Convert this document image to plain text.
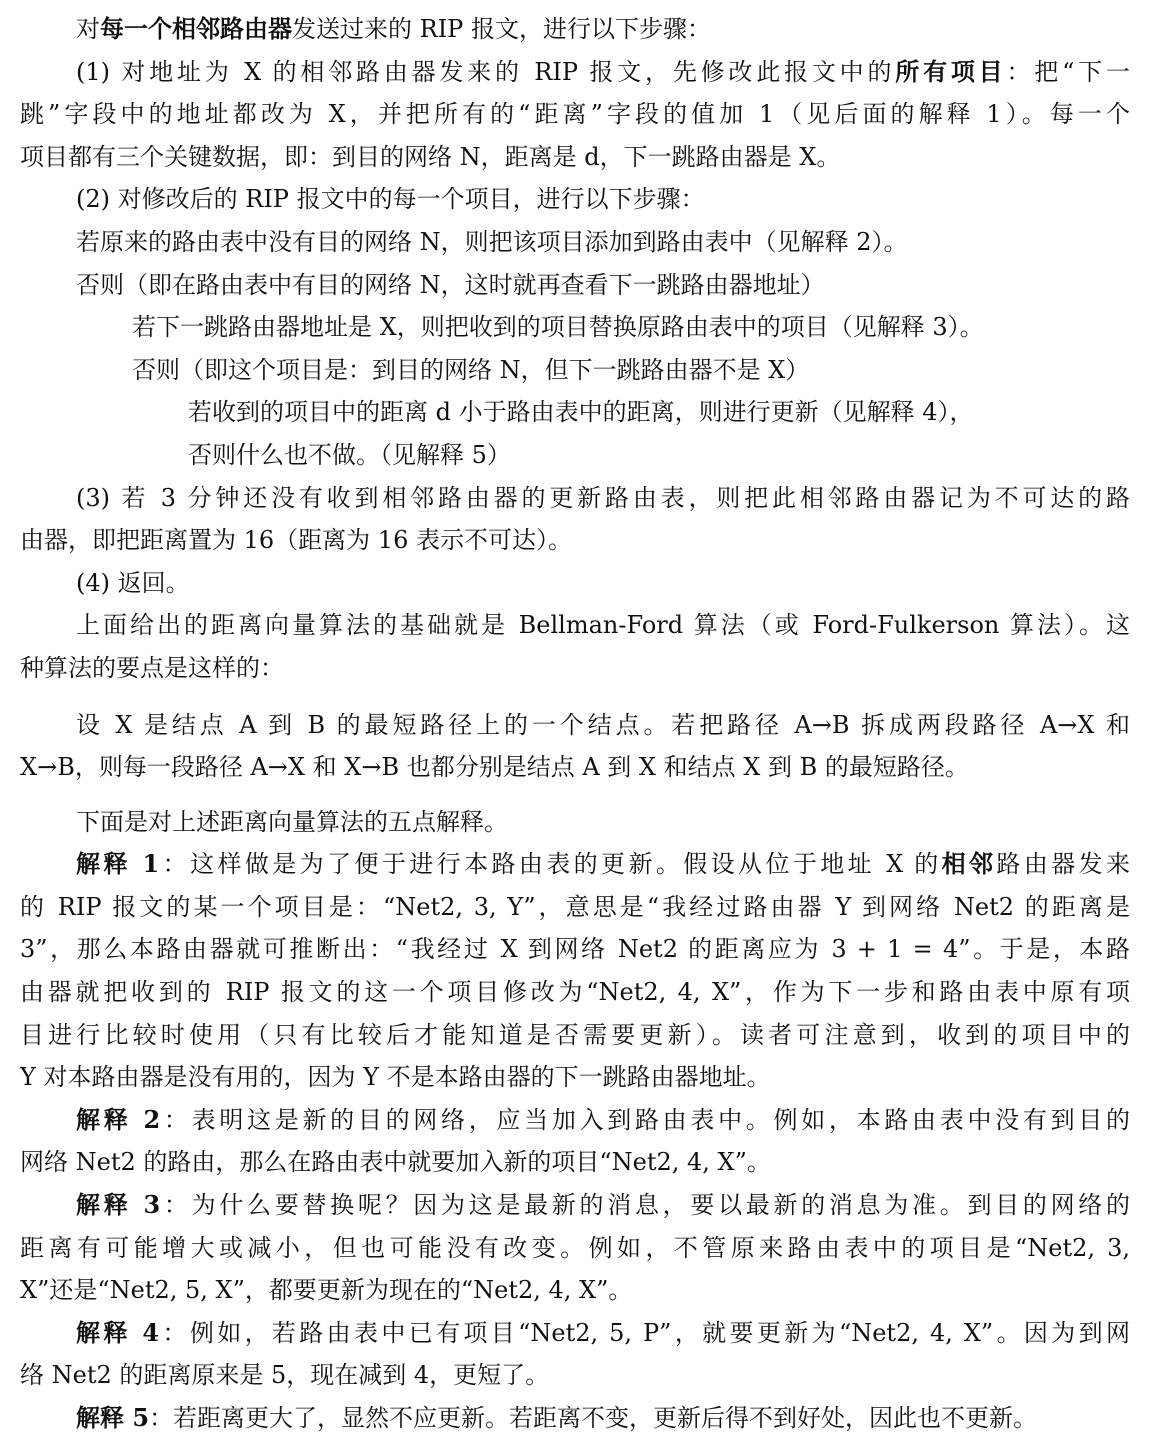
对每一个相邻路由器发送过来的 RIP 报文，进行以下步骤：
(1) 对地址为 X 的相邻路由器发来的 RIP 报文，先修改此报文中的所有项目：把“下一
跳”字段中的地址都改为 X，并把所有的“距离”字段的值加 1（见后面的解释 1）。每一个
项目都有三个关键数据，即：到目的网络 N，距离是 d，下一跳路由器是 X。
(2) 对修改后的 RIP 报文中的每一个项目，进行以下步骤：
若原来的路由表中没有目的网络 N，则把该项目添加到路由表中（见解释 2）。
否则（即在路由表中有目的网络 N，这时就再查看下一跳路由器地址）
若下一跳路由器地址是 X，则把收到的项目替换原路由表中的项目（见解释 3）。
否则（即这个项目是：到目的网络 N，但下一跳路由器不是 X）
若收到的项目中的距离 d 小于路由表中的距离，则进行更新（见解释 4），
否则什么也不做。（见解释 5）
(3) 若 3 分钟还没有收到相邻路由器的更新路由表，则把此相邻路由器记为不可达的路
由器，即把距离置为 16（距离为 16 表示不可达）。
(4) 返回。
上面给出的距离向量算法的基础就是 Bellman-Ford 算法（或 Ford-Fulkerson 算法）。这
种算法的要点是这样的：
设 X 是结点 A 到 B 的最短路径上的一个结点。若把路径 A→B 拆成两段路径 A→X 和
X→B，则每一段路径 A→X 和 X→B 也都分别是结点 A 到 X 和结点 X 到 B 的最短路径。
下面是对上述距离向量算法的五点解释。
解释 1：这样做是为了便于进行本路由表的更新。假设从位于地址 X 的相邻路由器发来
的 RIP 报文的某一个项目是：“Net2, 3, Y”，意思是“我经过路由器 Y 到网络 Net2 的距离是
3”，那么本路由器就可推断出：“我经过 X 到网络 Net2 的距离应为 3 + 1 = 4”。于是，本路
由器就把收到的 RIP 报文的这一个项目修改为“Net2, 4, X”，作为下一步和路由表中原有项
目进行比较时使用（只有比较后才能知道是否需要更新）。读者可注意到，收到的项目中的
Y 对本路由器是没有用的，因为 Y 不是本路由器的下一跳路由器地址。
解释 2：表明这是新的目的网络，应当加入到路由表中。例如，本路由表中没有到目的
网络 Net2 的路由，那么在路由表中就要加入新的项目“Net2, 4, X”。
解释 3：为什么要替换呢？因为这是最新的消息，要以最新的消息为准。到目的网络的
距离有可能增大或减小，但也可能没有改变。例如，不管原来路由表中的项目是“Net2, 3,
X”还是“Net2, 5, X”，都要更新为现在的“Net2, 4, X”。
解释 4：例如，若路由表中已有项目“Net2, 5, P”，就要更新为“Net2, 4, X”。因为到网
络 Net2 的距离原来是 5，现在减到 4，更短了。
解释 5：若距离更大了，显然不应更新。若距离不变，更新后得不到好处，因此也不更新。
